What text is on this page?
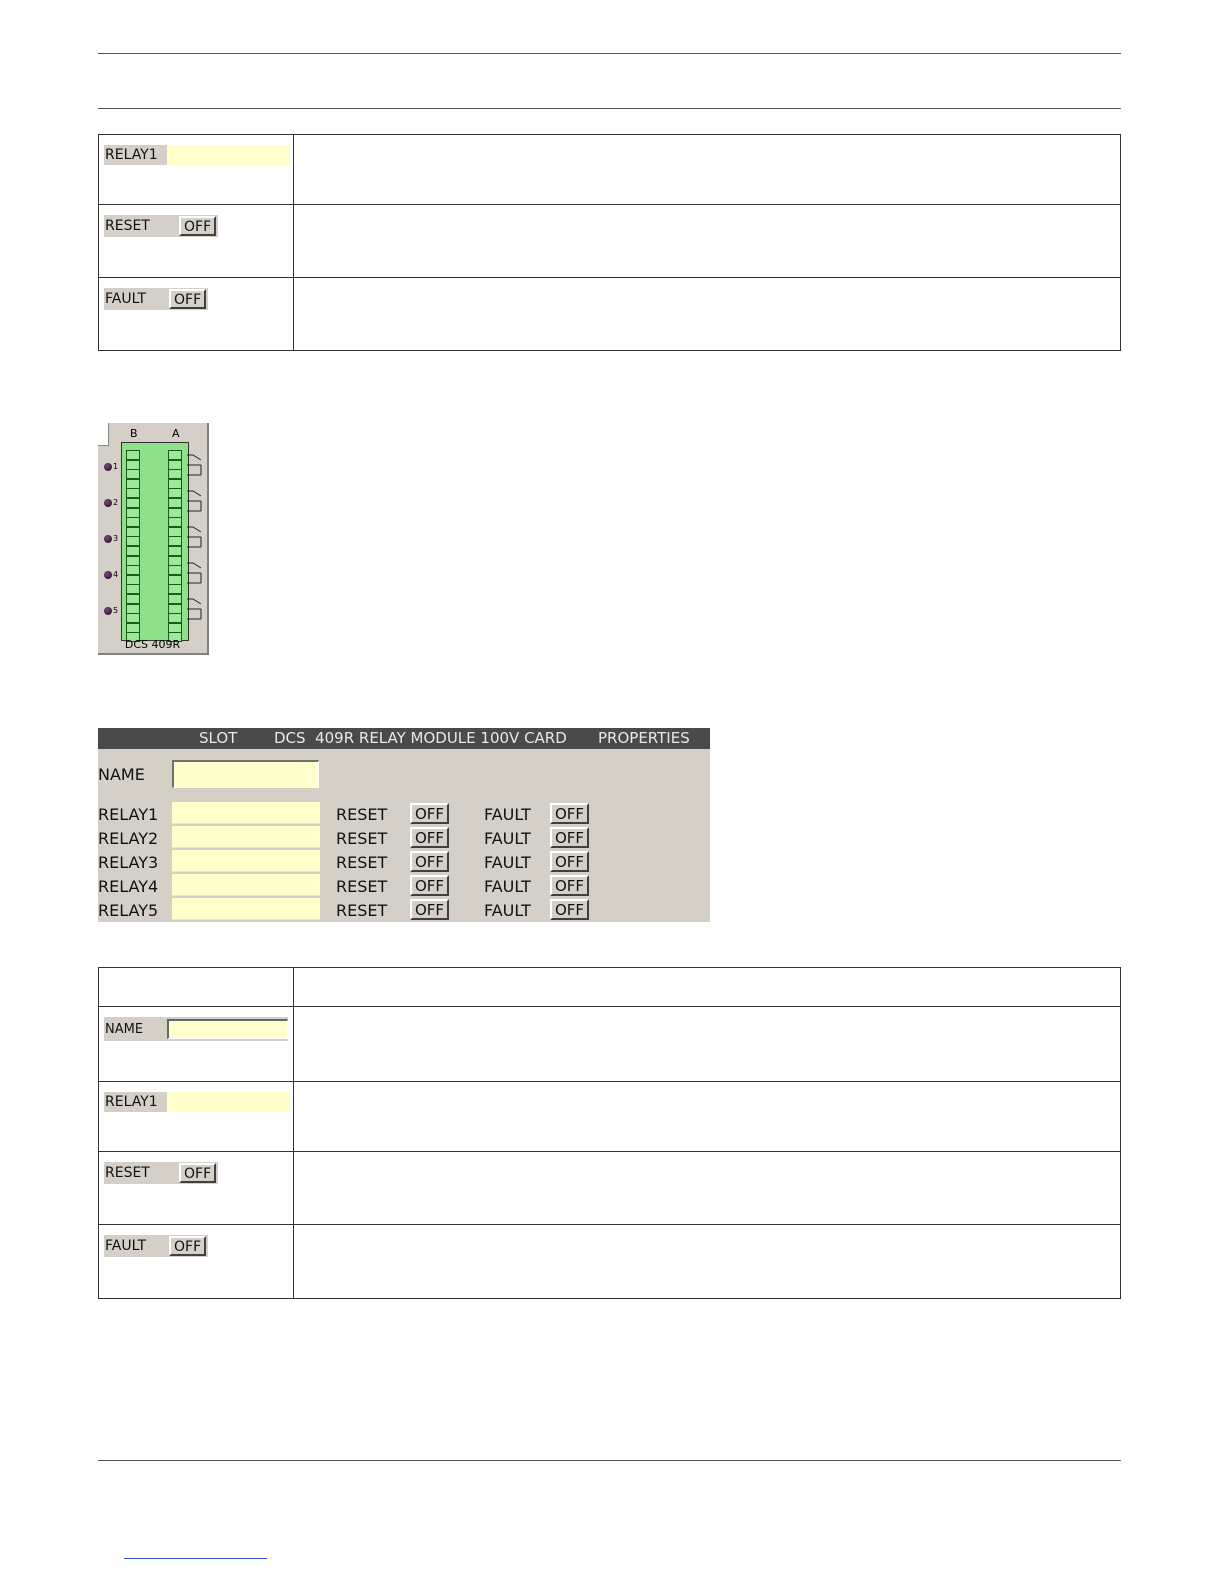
RELAY1	

RESET OFF	

FAULT OFF	

B	A
DCS 409R
1
2
3
4
5
SLOT DCS  409R RELAY MODULE 100V CARD PROPERTIES
NAME
RELAY1	RESET	OFF	FAULT	OFF
RELAY2	RESET	OFF	FAULT	OFF
RELAY3	RESET	OFF	FAULT	OFF
RELAY4	RESET	OFF	FAULT	OFF
RELAY5	RESET	OFF	FAULT	OFF

NAME	

RELAY1	

RESET OFF	

FAULT OFF	
